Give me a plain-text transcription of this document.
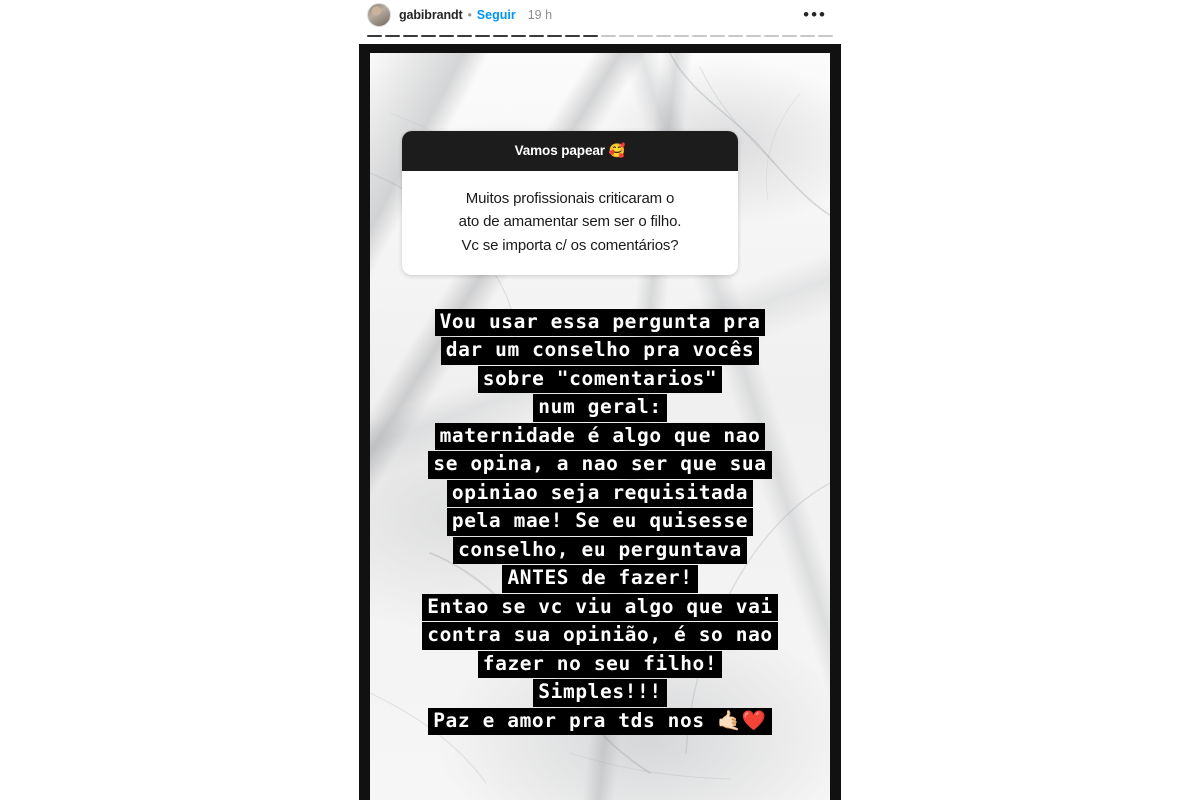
gabibrandt • Seguir 19 h	•••
Vamos papear 🥰
Muitos profissionais criticaram o
ato de amamentar sem ser o filho.
Vc se importa c/ os comentários?
Vou usar essa pergunta pra
dar um conselho pra vocês
sobre "comentarios"
num geral:
maternidade é algo que nao
se opina, a nao ser que sua
opiniao seja requisitada
pela mae! Se eu quisesse
conselho, eu perguntava
ANTES de fazer!
Entao se vc viu algo que vai
contra sua opinião, é so nao
fazer no seu filho!
Simples!!!
Paz e amor pra tds nos 🤙🏻❤️
